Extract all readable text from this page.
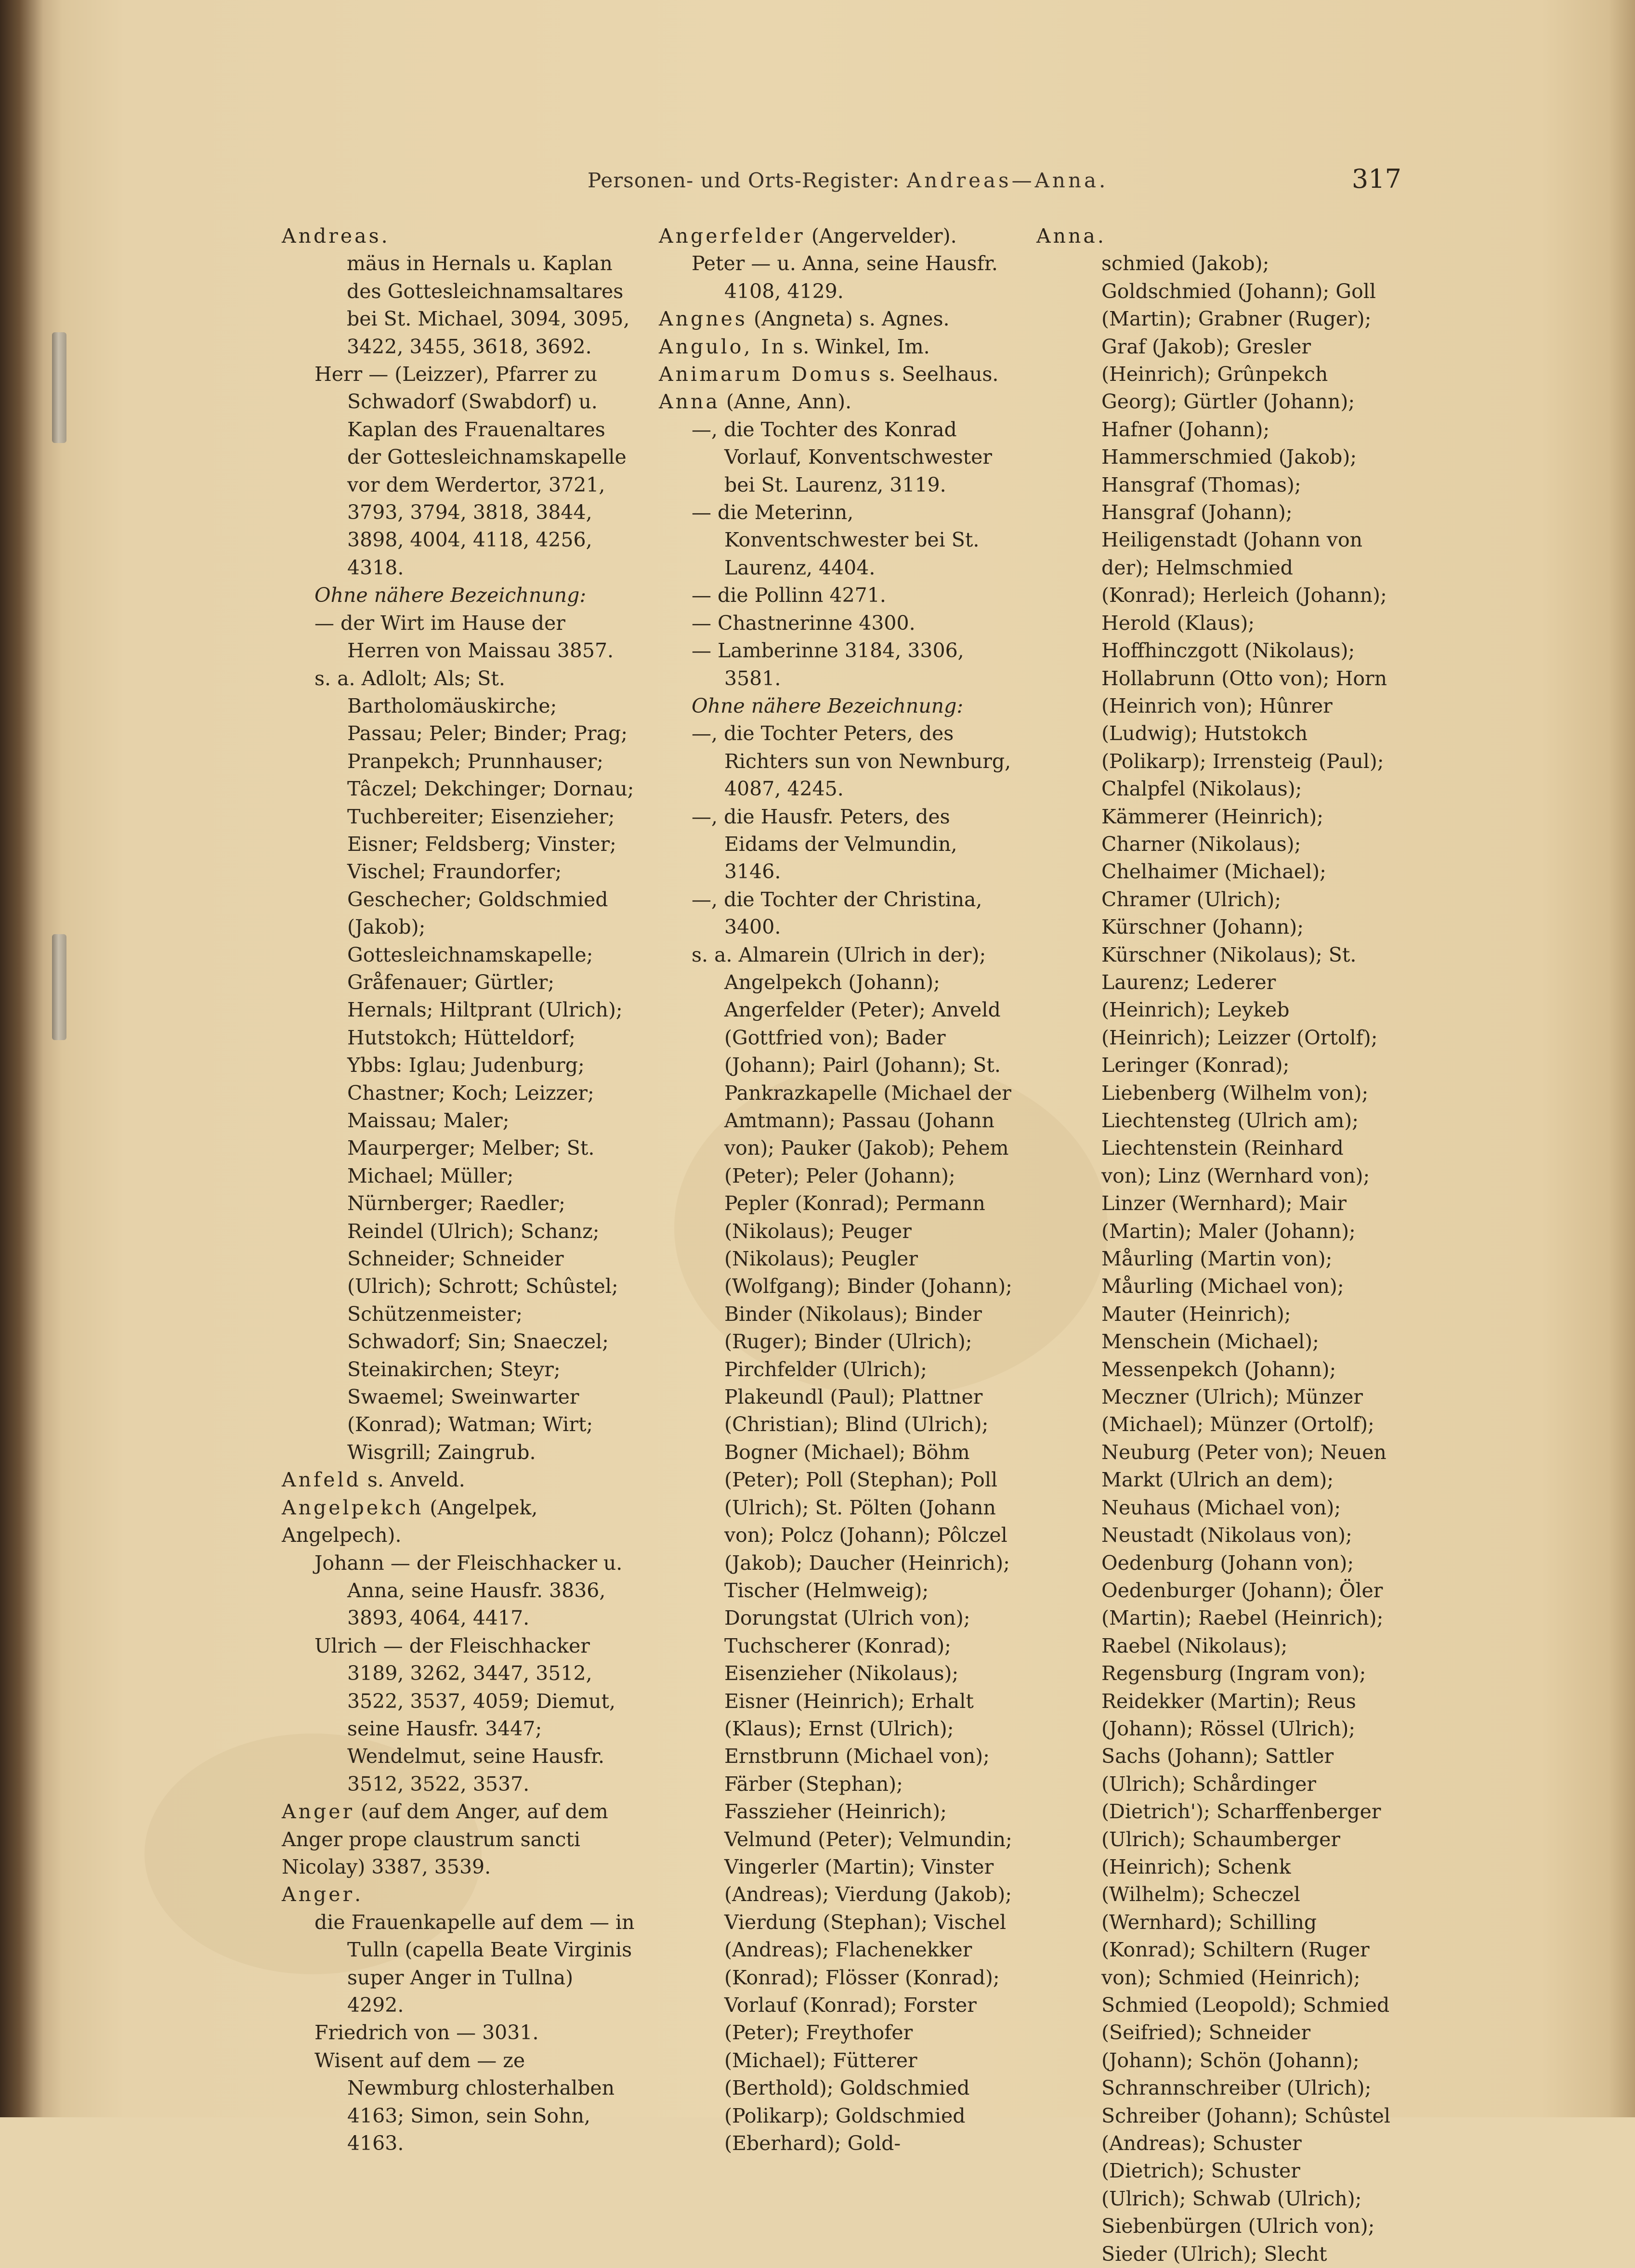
Personen- und Orts-Register: Andreas—Anna.	317

Andreas.

mäus in Hernals u. Kaplan des Gottesleichnamsaltares bei St. Michael, 3094, 3095, 3422, 3455, 3618, 3692.

Herr — (Leizzer), Pfarrer zu Schwadorf (Swabdorf) u. Kaplan des Frauenaltares der Gottesleichnamskapelle vor dem Werdertor, 3721, 3793, 3794, 3818, 3844, 3898, 4004, 4118, 4256, 4318.

Ohne nähere Bezeichnung:

— der Wirt im Hause der Herren von Maissau 3857.

s. a. Adlolt; Als; St. Bartholomäuskirche; Passau; Peler; Binder; Prag; Pranpekch; Prunnhauser; Tâczel; Dekchinger; Dornau; Tuchbereiter; Eisenzieher; Eisner; Feldsberg; Vinster; Vischel; Fraundorfer; Geschecher; Goldschmied (Jakob); Gottesleichnamskapelle; Gråfenauer; Gürtler; Hernals; Hiltprant (Ulrich); Hutstokch; Hütteldorf; Ybbs: Iglau; Judenburg; Chastner; Koch; Leizzer; Maissau; Maler; Maurperger; Melber; St. Michael; Müller; Nürnberger; Raedler; Reindel (Ulrich); Schanz; Schneider; Schneider (Ulrich); Schrott; Schûstel; Schützenmeister; Schwadorf; Sin; Snaeczel; Steinakirchen; Steyr; Swaemel; Sweinwarter (Konrad); Watman; Wirt; Wisgrill; Zaingrub.

Anfeld s. Anveld.

Angelpekch (Angelpek, Angelpech).

Johann — der Fleischhacker u. Anna, seine Hausfr. 3836, 3893, 4064, 4417.

Ulrich — der Fleischhacker 3189, 3262, 3447, 3512, 3522, 3537, 4059; Diemut, seine Hausfr. 3447; Wendelmut, seine Hausfr. 3512, 3522, 3537.

Anger (auf dem Anger, auf dem Anger prope claustrum sancti Nicolay) 3387, 3539.

Anger.

die Frauenkapelle auf dem — in Tulln (capella Beate Virginis super Anger in Tullna) 4292.

Friedrich von — 3031.

Wisent auf dem — ze Newmburg chlosterhalben 4163; Simon, sein Sohn, 4163.

Angerfelder (Angervelder).

Peter — u. Anna, seine Hausfr. 4108, 4129.

Angnes (Angneta) s. Agnes.

Angulo, In s. Winkel, Im.

Animarum Domus s. Seelhaus.

Anna (Anne, Ann).

—, die Tochter des Konrad Vorlauf, Konventschwester bei St. Laurenz, 3119.

— die Meterinn, Konventschwester bei St. Laurenz, 4404.

— die Pollinn 4271.

— Chastnerinne 4300.

— Lamberinne 3184, 3306, 3581.

Ohne nähere Bezeichnung:

—, die Tochter Peters, des Richters sun von Newnburg, 4087, 4245.

—, die Hausfr. Peters, des Eidams der Velmundin, 3146.

—, die Tochter der Christina, 3400.

s. a. Almarein (Ulrich in der); Angelpekch (Johann); Angerfelder (Peter); Anveld (Gottfried von); Bader (Johann); Pairl (Johann); St. Pankrazkapelle (Michael der Amtmann); Passau (Johann von); Pauker (Jakob); Pehem (Peter); Peler (Johann); Pepler (Konrad); Permann (Nikolaus); Peuger (Nikolaus); Peugler (Wolfgang); Binder (Johann); Binder (Nikolaus); Binder (Ruger); Binder (Ulrich); Pirchfelder (Ulrich); Plakeundl (Paul); Plattner (Christian); Blind (Ulrich); Bogner (Michael); Böhm (Peter); Poll (Stephan); Poll (Ulrich); St. Pölten (Johann von); Polcz (Johann); Pôlczel (Jakob); Daucher (Heinrich); Tischer (Helmweig); Dorungstat (Ulrich von); Tuchscherer (Konrad); Eisenzieher (Nikolaus); Eisner (Heinrich); Erhalt (Klaus); Ernst (Ulrich); Ernstbrunn (Michael von); Färber (Stephan); Fasszieher (Heinrich); Velmund (Peter); Velmundin; Vingerler (Martin); Vinster (Andreas); Vierdung (Jakob); Vierdung (Stephan); Vischel (Andreas); Flachenekker (Konrad); Flösser (Konrad); Vorlauf (Konrad); Forster (Peter); Freythofer (Michael); Fütterer (Berthold); Goldschmied (Polikarp); Goldschmied (Eberhard); Gold-

Anna.

schmied (Jakob); Goldschmied (Johann); Goll (Martin); Grabner (Ruger); Graf (Jakob); Gresler (Heinrich); Grûnpekch Georg); Gürtler (Johann); Hafner (Johann); Hammerschmied (Jakob); Hansgraf (Thomas); Hansgraf (Johann); Heiligenstadt (Johann von der); Helmschmied (Konrad); Herleich (Johann); Herold (Klaus); Hoffhinczgott (Nikolaus); Hollabrunn (Otto von); Horn (Heinrich von); Hûnrer (Ludwig); Hutstokch (Polikarp); Irrensteig (Paul); Chalpfel (Nikolaus); Kämmerer (Heinrich); Charner (Nikolaus); Chelhaimer (Michael); Chramer (Ulrich); Kürschner (Johann); Kürschner (Nikolaus); St. Laurenz; Lederer (Heinrich); Leykeb (Heinrich); Leizzer (Ortolf); Leringer (Konrad); Liebenberg (Wilhelm von); Liechtensteg (Ulrich am); Liechtenstein (Reinhard von); Linz (Wernhard von); Linzer (Wernhard); Mair (Martin); Maler (Johann); Måurling (Martin von); Måurling (Michael von); Mauter (Heinrich); Menschein (Michael); Messenpekch (Johann); Meczner (Ulrich); Münzer (Michael); Münzer (Ortolf); Neuburg (Peter von); Neuen Markt (Ulrich an dem); Neuhaus (Michael von); Neustadt (Nikolaus von); Oedenburg (Johann von); Oedenburger (Johann); Öler (Martin); Raebel (Heinrich); Raebel (Nikolaus); Regensburg (Ingram von); Reidekker (Martin); Reus (Johann); Rössel (Ulrich); Sachs (Johann); Sattler (Ulrich); Schårdinger (Dietrich'); Scharffenberger (Ulrich); Schaumberger (Heinrich); Schenk (Wilhelm); Scheczel (Wernhard); Schilling (Konrad); Schiltern (Ruger von); Schmied (Heinrich); Schmied (Leopold); Schmied (Seifried); Schneider (Johann); Schön (Johann); Schrannschreiber (Ulrich); Schreiber (Johann); Schûstel (Andreas); Schuster (Dietrich); Schuster (Ulrich); Schwab (Ulrich); Siebenbürgen (Ulrich von); Sieder (Ulrich); Slecht
